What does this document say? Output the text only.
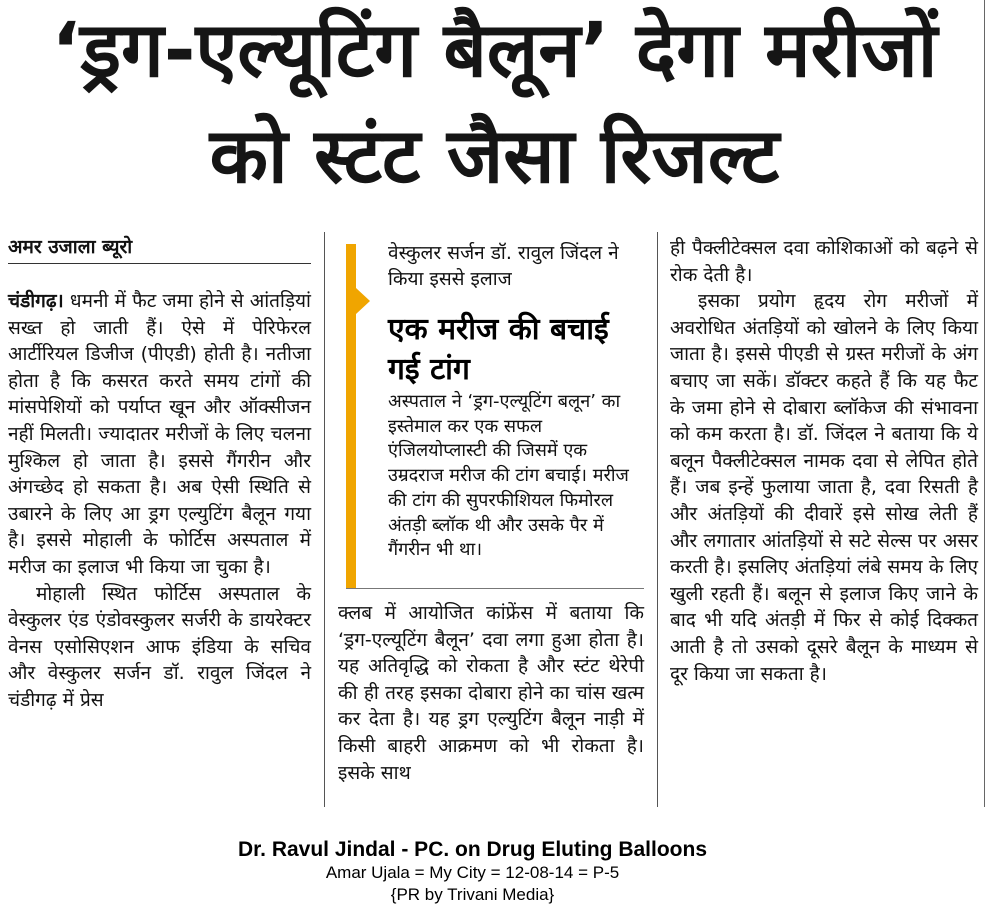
‘ड्रग-एल्यूटिंग बैलून’ देगा मरीजों
को स्टंट जैसा रिजल्ट
अमर उजाला ब्यूरो

चंडीगढ़। धमनी में फैट जमा होने से आंतड़ियां सख्त हो जाती हैं। ऐसे में पेरिफेरल आर्टीरियल डिजीज (पीएडी) होती है। नतीजा होता है कि कसरत करते समय टांगों की मांसपेशियों को पर्याप्त खून और ऑक्सीजन नहीं मिलती। ज्यादातर मरीजों के लिए चलना मुश्किल हो जाता है। इससे गैंगरीन और अंगच्छेद हो सकता है। अब ऐसी स्थिति से उबारने के लिए आ ड्रग एल्युटिंग बैलून गया है। इससे मोहाली के फोर्टिस अस्पताल में मरीज का इलाज भी किया जा चुका है।

मोहाली स्थित फोर्टिस अस्पताल के वेस्कुलर एंड एंडोवस्कुलर सर्जरी के डायरेक्टर वेनस एसोसिएशन आफ इंडिया के सचिव और वेस्कुलर सर्जन डॉ. रावुल जिंदल ने चंडीगढ़ में प्रेस

वेस्कुलर सर्जन डॉ. रावुल जिंदल ने किया इससे इलाज
एक मरीज की बचाई गई टांग
अस्पताल ने ‘ड्रग-एल्यूटिंग बलून’ का इस्तेमाल कर एक सफल एंजिलयोप्लास्टी की जिसमें एक उम्रदराज मरीज की टांग बचाई। मरीज की टांग की सुपरफीशियल फिमोरल अंतड़ी ब्लॉक थी और उसके पैर में गैंगरीन भी था।

क्लब में आयोजित कांफ्रेंस में बताया कि ‘ड्रग-एल्यूटिंग बैलून’ दवा लगा हुआ होता है। यह अतिवृद्धि को रोकता है और स्टंट थेरेपी की ही तरह इसका दोबारा होने का चांस खत्म कर देता है। यह ड्रग एल्युटिंग बैलून नाड़ी में किसी बाहरी आक्रमण को भी रोकता है। इसके साथ

ही पैक्लीटेक्सल दवा कोशिकाओं को बढ़ने से रोक देती है।

इसका प्रयोग हृदय रोग मरीजों में अवरोधित अंतड़ियों को खोलने के लिए किया जाता है। इससे पीएडी से ग्रस्त मरीजों के अंग बचाए जा सकें। डॉक्टर कहते हैं कि यह फैट के जमा होने से दोबारा ब्लॉकेज की संभावना को कम करता है। डॉ. जिंदल ने बताया कि ये बलून पैक्लीटेक्सल नामक दवा से लेपित होते हैं। जब इन्हें फुलाया जाता है, दवा रिसती है और अंतड़ियों की दीवारें इसे सोख लेती हैं और लगातार आंतड़ियों से सटे सेल्स पर असर करती है। इसलिए अंतड़ियां लंबे समय के लिए खुली रहती हैं। बलून से इलाज किए जाने के बाद भी यदि अंतड़ी में फिर से कोई दिक्कत आती है तो उसको दूसरे बैलून के माध्यम से दूर किया जा सकता है।

Dr. Ravul Jindal - PC. on Drug Eluting Balloons
Amar Ujala = My City = 12-08-14 = P-5
{PR by Trivani Media}
